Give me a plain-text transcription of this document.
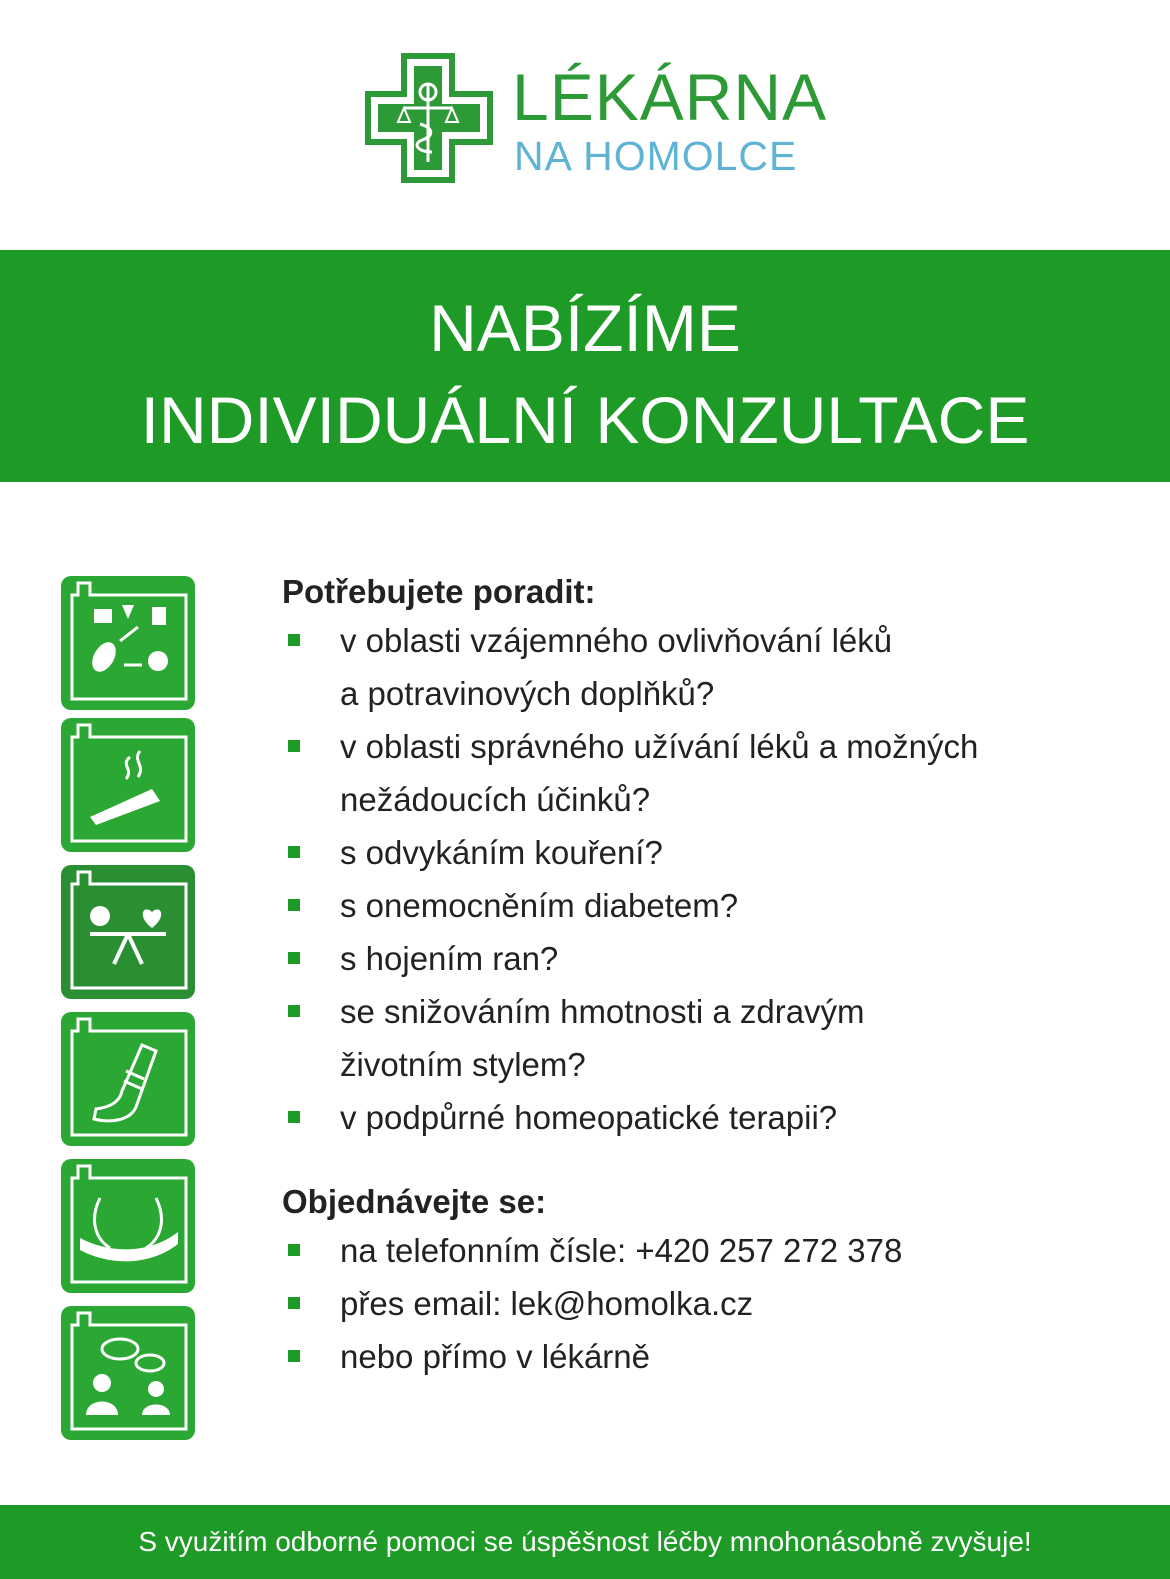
LÉKÁRNA
NA HOMOLCE
NABÍZÍME
INDIVIDUÁLNÍ KONZULTACE

Potřebujete poradit:

v oblasti vzájemného ovlivňování léků
a potravinových doplňků?
v oblasti správného užívání léků a možných
nežádoucích účinků?
s odvykáním kouření?
s onemocněním diabetem?
s hojením ran?
se snižováním hmotnosti a zdravým
životním stylem?
v podpůrné homeopatické terapii?

Objednávejte se:

na telefonním čísle: +420 257 272 378
přes email: lek@homolka.cz
nebo přímo v lékárně
S využitím odborné pomoci se úspěšnost léčby mnohonásobně zvyšuje!
